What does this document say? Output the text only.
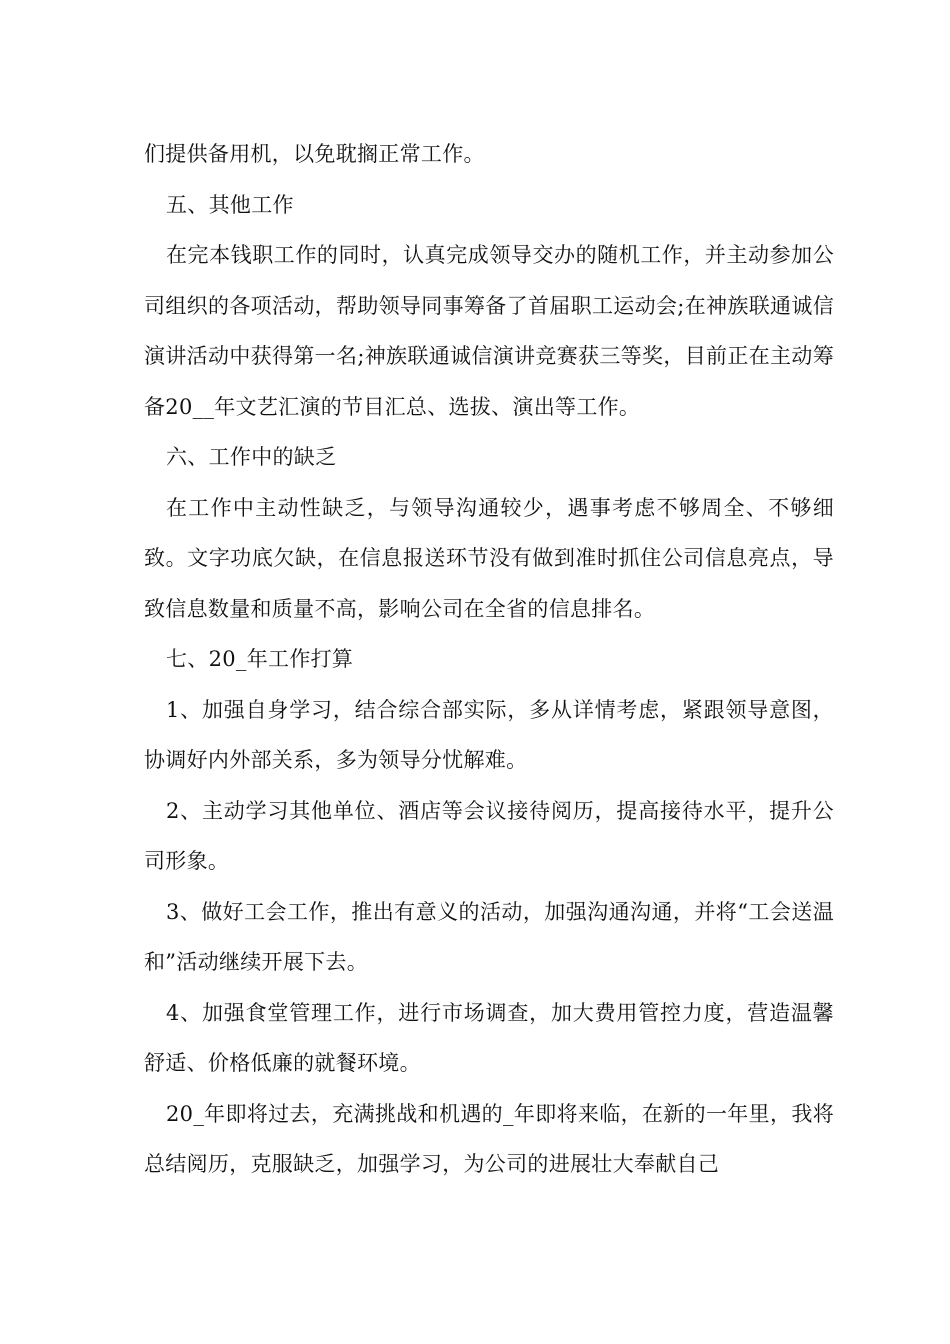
们提供备用机，以免耽搁正常工作。

五、其他工作

在完本钱职工作的同时，认真完成领导交办的随机工作，并主动参加公司组织的各项活动，帮助领导同事筹备了首届职工运动会;在神族联通诚信演讲活动中获得第一名;神族联通诚信演讲竞赛获三等奖，目前正在主动筹备20__年文艺汇演的节目汇总、选拔、演出等工作。

六、工作中的缺乏

在工作中主动性缺乏，与领导沟通较少，遇事考虑不够周全、不够细致。文字功底欠缺，在信息报送环节没有做到准时抓住公司信息亮点，导致信息数量和质量不高，影响公司在全省的信息排名。

七、20_年工作打算

1、加强自身学习，结合综合部实际，多从详情考虑，紧跟领导意图，协调好内外部关系，多为领导分忧解难。

2、主动学习其他单位、酒店等会议接待阅历，提高接待水平，提升公司形象。

3、做好工会工作，推出有意义的活动，加强沟通沟通，并将“工会送温和”活动继续开展下去。

4、加强食堂管理工作，进行市场调查，加大费用管控力度，营造温馨舒适、价格低廉的就餐环境。

20_年即将过去，充满挑战和机遇的_年即将来临，在新的一年里，我将总结阅历，克服缺乏，加强学习，为公司的进展壮大奉献自己
